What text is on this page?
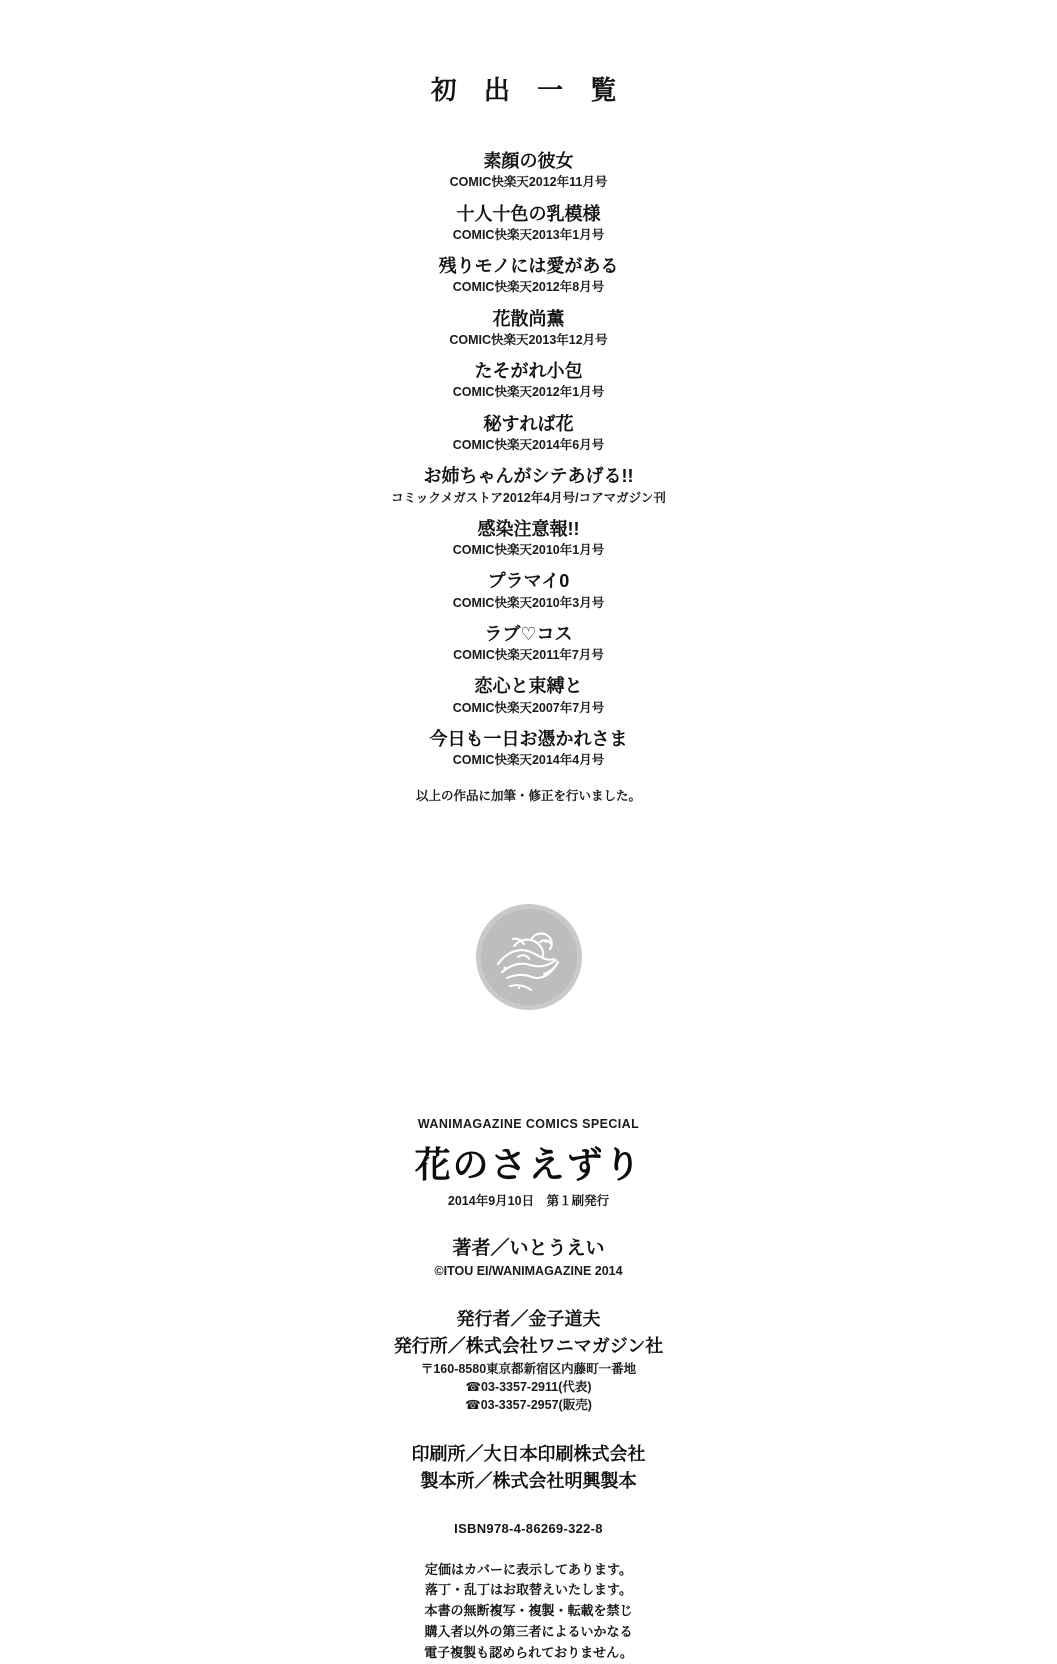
初 出 一 覧
素顔の彼女
COMIC快楽天2012年11月号
十人十色の乳模様
COMIC快楽天2013年1月号
残りモノには愛がある
COMIC快楽天2012年8月号
花散尚薫
COMIC快楽天2013年12月号
たそがれ小包
COMIC快楽天2012年1月号
秘すれば花
COMIC快楽天2014年6月号
お姉ちゃんがシテあげる!!
コミックメガストア2012年4月号/コアマガジン刊
感染注意報!!
COMIC快楽天2010年1月号
プラマイ0
COMIC快楽天2010年3月号
ラブ♡コス
COMIC快楽天2011年7月号
恋心と束縛と
COMIC快楽天2007年7月号
今日も一日お憑かれさま
COMIC快楽天2014年4月号
以上の作品に加筆・修正を行いました。
WANIMAGAZINE COMICS SPECIAL
花のさえずり
2014年9月10日　第１刷発行
著者／いとうえい
©ITOU EI/WANIMAGAZINE 2014
発行者／金子道夫
発行所／株式会社ワニマガジン社
〒160-8580東京都新宿区内藤町一番地
☎03-3357-2911(代表)
☎03-3357-2957(販売)
印刷所／大日本印刷株式会社
製本所／株式会社明興製本
ISBN978-4-86269-322-8
定価はカバーに表示してあります。
落丁・乱丁はお取替えいたします。
本書の無断複写・複製・転載を禁じ
購入者以外の第三者によるいかなる
電子複製も認められておりません。
